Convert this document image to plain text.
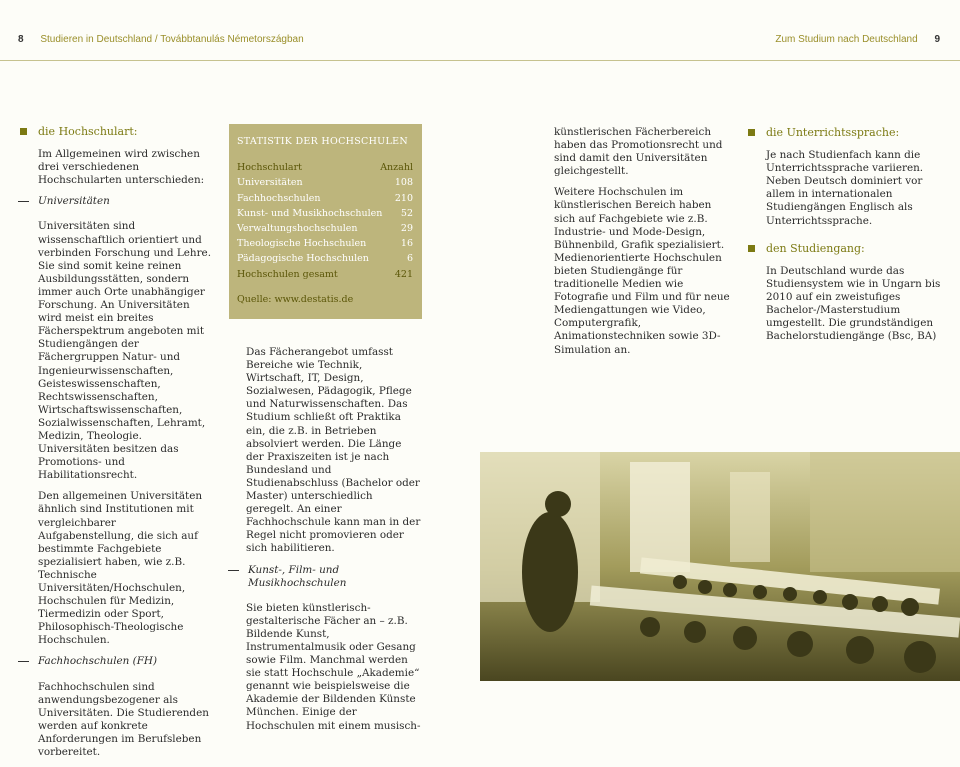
8 Studieren in Deutschland / Továbbtanulás Németországban	Zum Studium nach Deutschland 9
die Hochschulart:

Im Allgemeinen wird zwischen drei verschiedenen Hochschularten unterschieden:

Universitäten

Universitäten sind wissenschaftlich orientiert und verbinden Forschung und Lehre. Sie sind somit keine reinen Ausbildungsstätten, sondern immer auch Orte unabhängiger Forschung. An Universitäten wird meist ein breites Fächerspektrum angeboten mit Studiengängen der Fächergruppen Natur- und Ingenieurwissenschaften, Geisteswissenschaften, Rechtswissenschaften, Wirtschaftswissenschaften, Sozialwissenschaften, Lehramt, Medizin, Theologie. Universitäten besitzen das Promotions- und Habilitationsrecht.

Den allgemeinen Universitäten ähnlich sind Institutionen mit vergleichbarer Aufgabenstellung, die sich auf bestimmte Fachgebiete spezialisiert haben, wie z.B. Technische Universitäten/Hochschulen, Hochschulen für Medizin, Tiermedizin oder Sport, Philosophisch-Theologische Hochschulen.

Fachhochschulen (FH)

Fachhochschulen sind anwendungsbezogener als Universitäten. Die Studierenden werden auf konkrete Anforderungen im Berufsleben vorbereitet.

STATISTIK DER HOCHSCHULEN
Hochschulart	Anzahl
Universitäten	108
Fachhochschulen	210
Kunst- und Musikhochschulen 52
Verwaltungshochschulen	29
Theologische Hochschulen	16
Pädagogische Hochschulen	6
Hochschulen gesamt	421
Quelle: www.destatis.de

Das Fächerangebot umfasst Bereiche wie Technik, Wirtschaft, IT, Design, Sozialwesen, Pädagogik, Pflege und Naturwissenschaften. Das Studium schließt oft Praktika ein, die z.B. in Betrieben absolviert werden. Die Länge der Praxiszeiten ist je nach Bundesland und Studienabschluss (Bachelor oder Master) unterschiedlich geregelt. An einer Fachhochschule kann man in der Regel nicht promovieren oder sich habilitieren.

Kunst-, Film- und Musikhochschulen

Sie bieten künstlerisch-gestalterische Fächer an – z.B. Bildende Kunst, Instrumentalmusik oder Gesang sowie Film. Manchmal werden sie statt Hochschule „Akademie“ genannt wie beispielsweise die Akademie der Bildenden Künste München. Einige der Hochschulen mit einem musisch-

künstlerischen Fächerbereich haben das Promotionsrecht und sind damit den Universitäten gleichgestellt.

Weitere Hochschulen im künstlerischen Bereich haben sich auf Fachgebiete wie z.B. Industrie- und Mode-Design, Bühnenbild, Grafik spezialisiert. Medienorientierte Hochschulen bieten Studiengänge für traditionelle Medien wie Fotografie und Film und für neue Mediengattungen wie Video, Computergrafik, Animationstechniken sowie 3D-Simulation an.

die Unterrichtssprache:

Je nach Studienfach kann die Unterrichtssprache variieren. Neben Deutsch dominiert vor allem in internationalen Studiengängen Englisch als Unterrichtssprache.

den Studiengang:

In Deutschland wurde das Studiensystem wie in Ungarn bis 2010 auf ein zweistufiges Bachelor-/Masterstudium umgestellt. Die grundständigen Bachelorstudiengänge (Bsc, BA)
